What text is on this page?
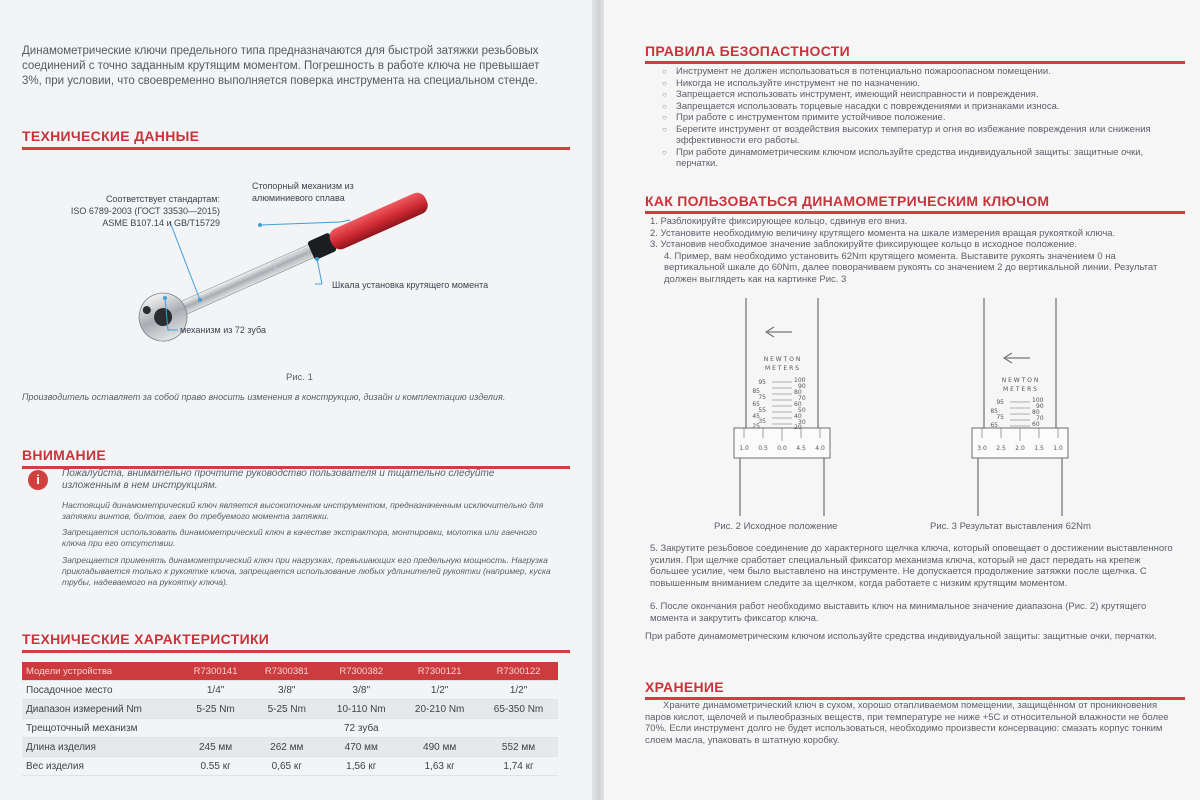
Динамометрические ключи предельного типа предназначаются для быстрой затяжки резьбовых соединений с точно заданным крутящим моментом. Погрешность в работе ключа не превышает 3%, при условии, что своевременно выполняется поверка инструмента на специальном стенде.
ТЕХНИЧЕСКИЕ ДАННЫЕ
Соответствует стандартам:
ISO 6789-2003 (ГОСТ 33530—2015)
ASME B107.14 и GB/T15729
Стопорный механизм из
алюминиевого сплава
Шкала установка крутящего момента
механизм из 72 зуба
Рис. 1
Производитель оставляет за собой право вносить изменения в конструкцию, дизайн и комплектацию изделия.
ВНИМАНИЕ
i	Пожалуйста, внимательно прочтите руководство пользователя и тщательно следуйте изложенным в нем инструкциям.
Настоящий динамометрический ключ является высокоточным инструментом, предназначенным исключительно для затяжки винтов, болтов, гаек до требуемого момента затяжки.
Запрещается использовать динамометрический ключ в качестве экстрактора, монтировки, молотка или гаечного ключа при его отсутствии.
Запрещается применять динамометрический ключ при нагрузках, превышающих его предельную мощность. Нагрузка прикладывается только к рукоятке ключа, запрещается использование любых удлинителей рукоятки (например, куска трубы, надеваемого на рукоятку ключа).
ТЕХНИЧЕСКИЕ ХАРАКТЕРИСТИКИ
Модели устройства	R7300141	R7300381	R7300382	R7300121	R7300122
Посадочное место	1/4"	3/8"	3/8"	1/2"	1/2"
Диапазон измерений Nm	5-25 Nm	5-25 Nm	10-110 Nm	20-210 Nm	65-350 Nm
Трещоточный механизм			72 зуба		
Длина изделия	245 мм	262 мм	470 мм	490 мм	552 мм
Вес изделия	0.55 кг	0,65 кг	1,56 кг	1,63 кг	1,74 кг
ПРАВИЛА БЕЗОПАСТНОСТИ
○ Инструмент не должен использоваться в потенциально пожароопасном помещении.
○ Никогда не используйте инструмент не по назначению.
○ Запрещается использовать инструмент, имеющий неисправности и повреждения.
○ Запрещается использовать торцевые насадки с повреждениями и признаками износа.
○ При работе с инструментом примите устойчивое положение.
○ Берегите инструмент от воздействия высоких температур и огня во избежание повреждения или снижения эффективности его работы.
○ При работе динамометрическим ключом используйте средства индивидуальной защиты: защитные очки, перчатки.
КАК ПОЛЬЗОВАТЬСЯ ДИНАМОМЕТРИЧЕСКИМ КЛЮЧОМ
1. Разблокируйте фиксирующее кольцо, сдвинув его вниз.
2. Установите необходимую величину крутящего момента на шкале измерения вращая рукояткой ключа.
3. Установив необходимое значение заблокируйте фиксирующее кольцо в исходное положение.
4. Пример, вам необходимо установить 62Nm крутящего момента. Выставите рукоять значением 0 на вертикальной шкале до 60Nm, далее поворачиваем рукоять со значением 2 до вертикальной линии. Результат должен выглядеть как на картинке Рис. 3
N E W T O N
M E T E R S
95
85
75
65
55
45
35
25
100
90
80
70
60
50
40
30
20
1.0 0.5 0.0 4.5 4.0
Рис. 2 Исходное положение
N E W T O N
M E T E R S
95
85
75
65
100
90
80
70
60
3.0 2.5 2.0 1.5 1.0
Рис. 3 Результат выставления 62Nm
5. Закрутите резьбовое соединение до характерного щелчка ключа, который оповещает о достижении выставленного усилия. При щелчке сработает специальный фиксатор механизма ключа, который не даст передать на крепеж большее усилие, чем было выставлено на инструменте. Не допускается продолжение затяжки после щелчка. С повышенным вниманием следите за щелчком, когда работаете с низким крутящим моментом.
6. После окончания работ необходимо выставить ключ на минимальное значение диапазона (Рис. 2) крутящего момента и закрутить фиксатор ключа.
При работе динамометрическим ключом используйте средства индивидуальной защиты: защитные очки, перчатки.
ХРАНЕНИЕ
Храните динамометрический ключ в сухом, хорошо отапливаемом помещении, защищённом от проникновения паров кислот, щелочей и пылеобразных веществ, при температуре не ниже +5С и относительной влажности не более 70%. Если инструмент долго не будет использоваться, необходимо произвести консервацию: смазать корпус тонким слоем масла, упаковать в штатную коробку.
